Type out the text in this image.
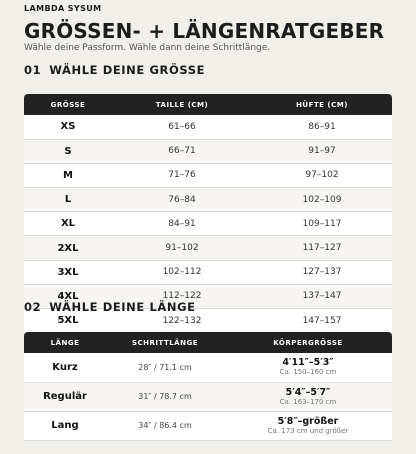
LAMBDA SYSUM
GRÖSSEN- + LÄNGENRATGEBER

Wähle deine Passform. Wähle dann deine Schrittlänge.

01 WÄHLE DEINE GRÖSSE
GRÖSSE	TAILLE (CM)	HÜFTE (CM)
XS	61–66	86–91
S	66–71	91–97
M	71–76	97–102
L	76–84	102–109
XL	84–91	109–117
2XL	91–102	117–127
3XL	102–112	127–137
4XL	112–122	137–147
5XL	122–132	147–157
02 WÄHLE DEINE LÄNGE
LÄNGE	SCHRITTLÄNGE	KÖRPERGRÖSSE
Kurz	28″ / 71.1 cm	4′11″–5′3″
Ca. 150–160 cm

Regulär	31″ / 78.7 cm	5′4″–5′7″
Ca. 163–170 cm

Lang	34″ / 86.4 cm	5′8″–größer
Ca. 173 cm und größer
